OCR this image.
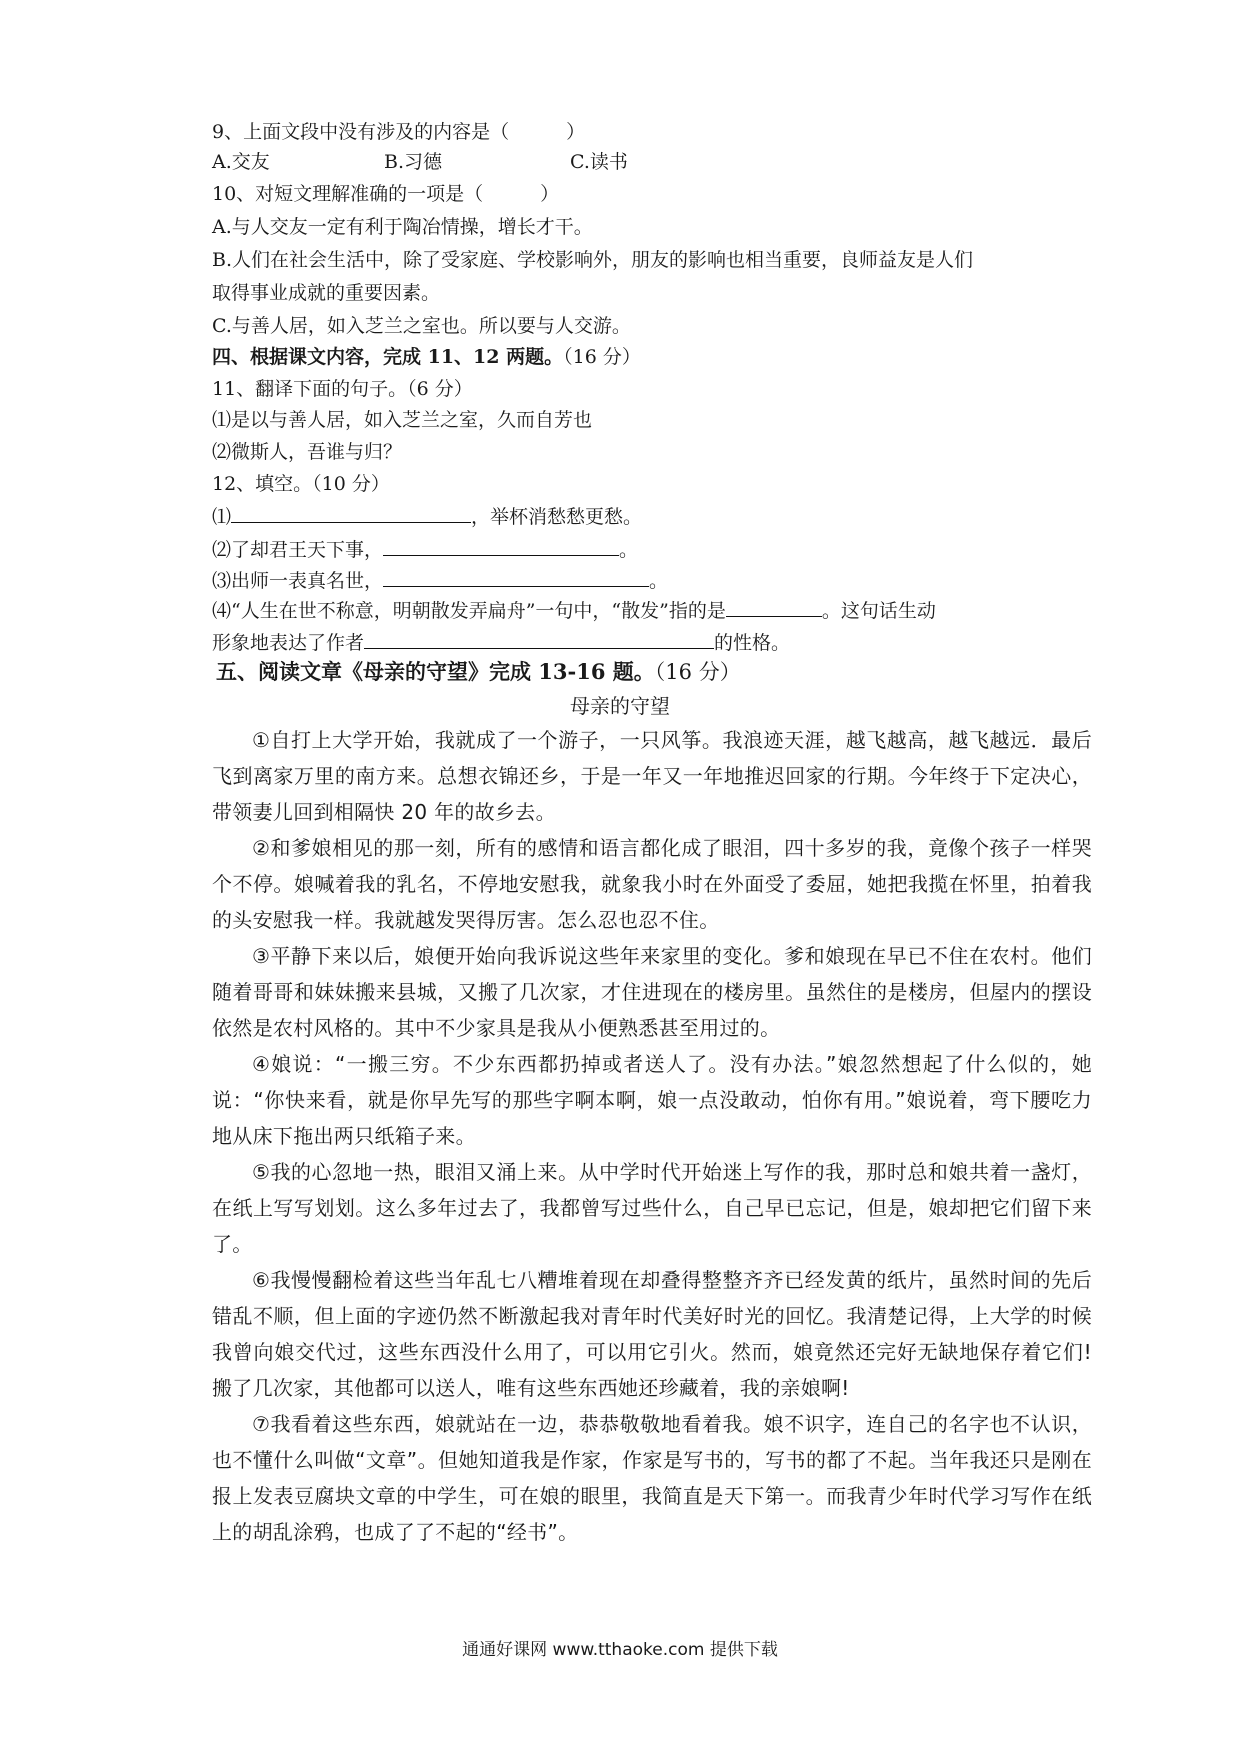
9、上面文段中没有涉及的内容是（　　　）
A.交友	B.习德	C.读书
10、对短文理解准确的一项是（　　　）
A.与人交友一定有利于陶冶情操，增长才干。
B.人们在社会生活中，除了受家庭、学校影响外，朋友的影响也相当重要，良师益友是人们
取得事业成就的重要因素。
C.与善人居，如入芝兰之室也。所以要与人交游。
四、根据课文内容，完成 11、12 两题。（16 分）
11、翻译下面的句子。（6 分）
⑴是以与善人居，如入芝兰之室，久而自芳也
⑵微斯人，吾谁与归？
12、填空。（10 分）
⑴	，举杯消愁愁更愁。
⑵了却君王天下事，	。
⑶出师一表真名世，	。
⑷“人生在世不称意，明朝散发弄扁舟”一句中，“散发”指的是	。这句话生动
形象地表达了作者	的性格。
五、阅读文章《母亲的守望》完成 13-16 题。（16 分）
母亲的守望

①自打上大学开始，我就成了一个游子，一只风筝。我浪迹天涯，越飞越高，越飞越远．最后飞到离家万里的南方来。总想衣锦还乡，于是一年又一年地推迟回家的行期。今年终于下定决心，带领妻儿回到相隔快 20 年的故乡去。

②和爹娘相见的那一刻，所有的感情和语言都化成了眼泪，四十多岁的我，竟像个孩子一样哭个不停。娘喊着我的乳名，不停地安慰我，就象我小时在外面受了委屈，她把我揽在怀里，拍着我的头安慰我一样。我就越发哭得厉害。怎么忍也忍不住。

③平静下来以后，娘便开始向我诉说这些年来家里的变化。爹和娘现在早已不住在农村。他们随着哥哥和妹妹搬来县城，又搬了几次家，才住进现在的楼房里。虽然住的是楼房，但屋内的摆设依然是农村风格的。其中不少家具是我从小便熟悉甚至用过的。

④娘说：“一搬三穷。不少东西都扔掉或者送人了。没有办法。”娘忽然想起了什么似的，她说：“你快来看，就是你早先写的那些字啊本啊，娘一点没敢动，怕你有用。”娘说着，弯下腰吃力地从床下拖出两只纸箱子来。

⑤我的心忽地一热，眼泪又涌上来。从中学时代开始迷上写作的我，那时总和娘共着一盏灯，在纸上写写划划。这么多年过去了，我都曾写过些什么，自己早已忘记，但是，娘却把它们留下来了。

⑥我慢慢翻检着这些当年乱七八糟堆着现在却叠得整整齐齐已经发黄的纸片，虽然时间的先后错乱不顺，但上面的字迹仍然不断激起我对青年时代美好时光的回忆。我清楚记得，上大学的时候我曾向娘交代过，这些东西没什么用了，可以用它引火。然而，娘竟然还完好无缺地保存着它们!搬了几次家，其他都可以送人，唯有这些东西她还珍藏着，我的亲娘啊!

⑦我看着这些东西，娘就站在一边，恭恭敬敬地看着我。娘不识字，连自己的名字也不认识，也不懂什么叫做“文章”。但她知道我是作家，作家是写书的，写书的都了不起。当年我还只是刚在报上发表豆腐块文章的中学生，可在娘的眼里，我简直是天下第一。而我青少年时代学习写作在纸上的胡乱涂鸦，也成了了不起的“经书”。

通通好课网 www.tthaoke.com 提供下载
